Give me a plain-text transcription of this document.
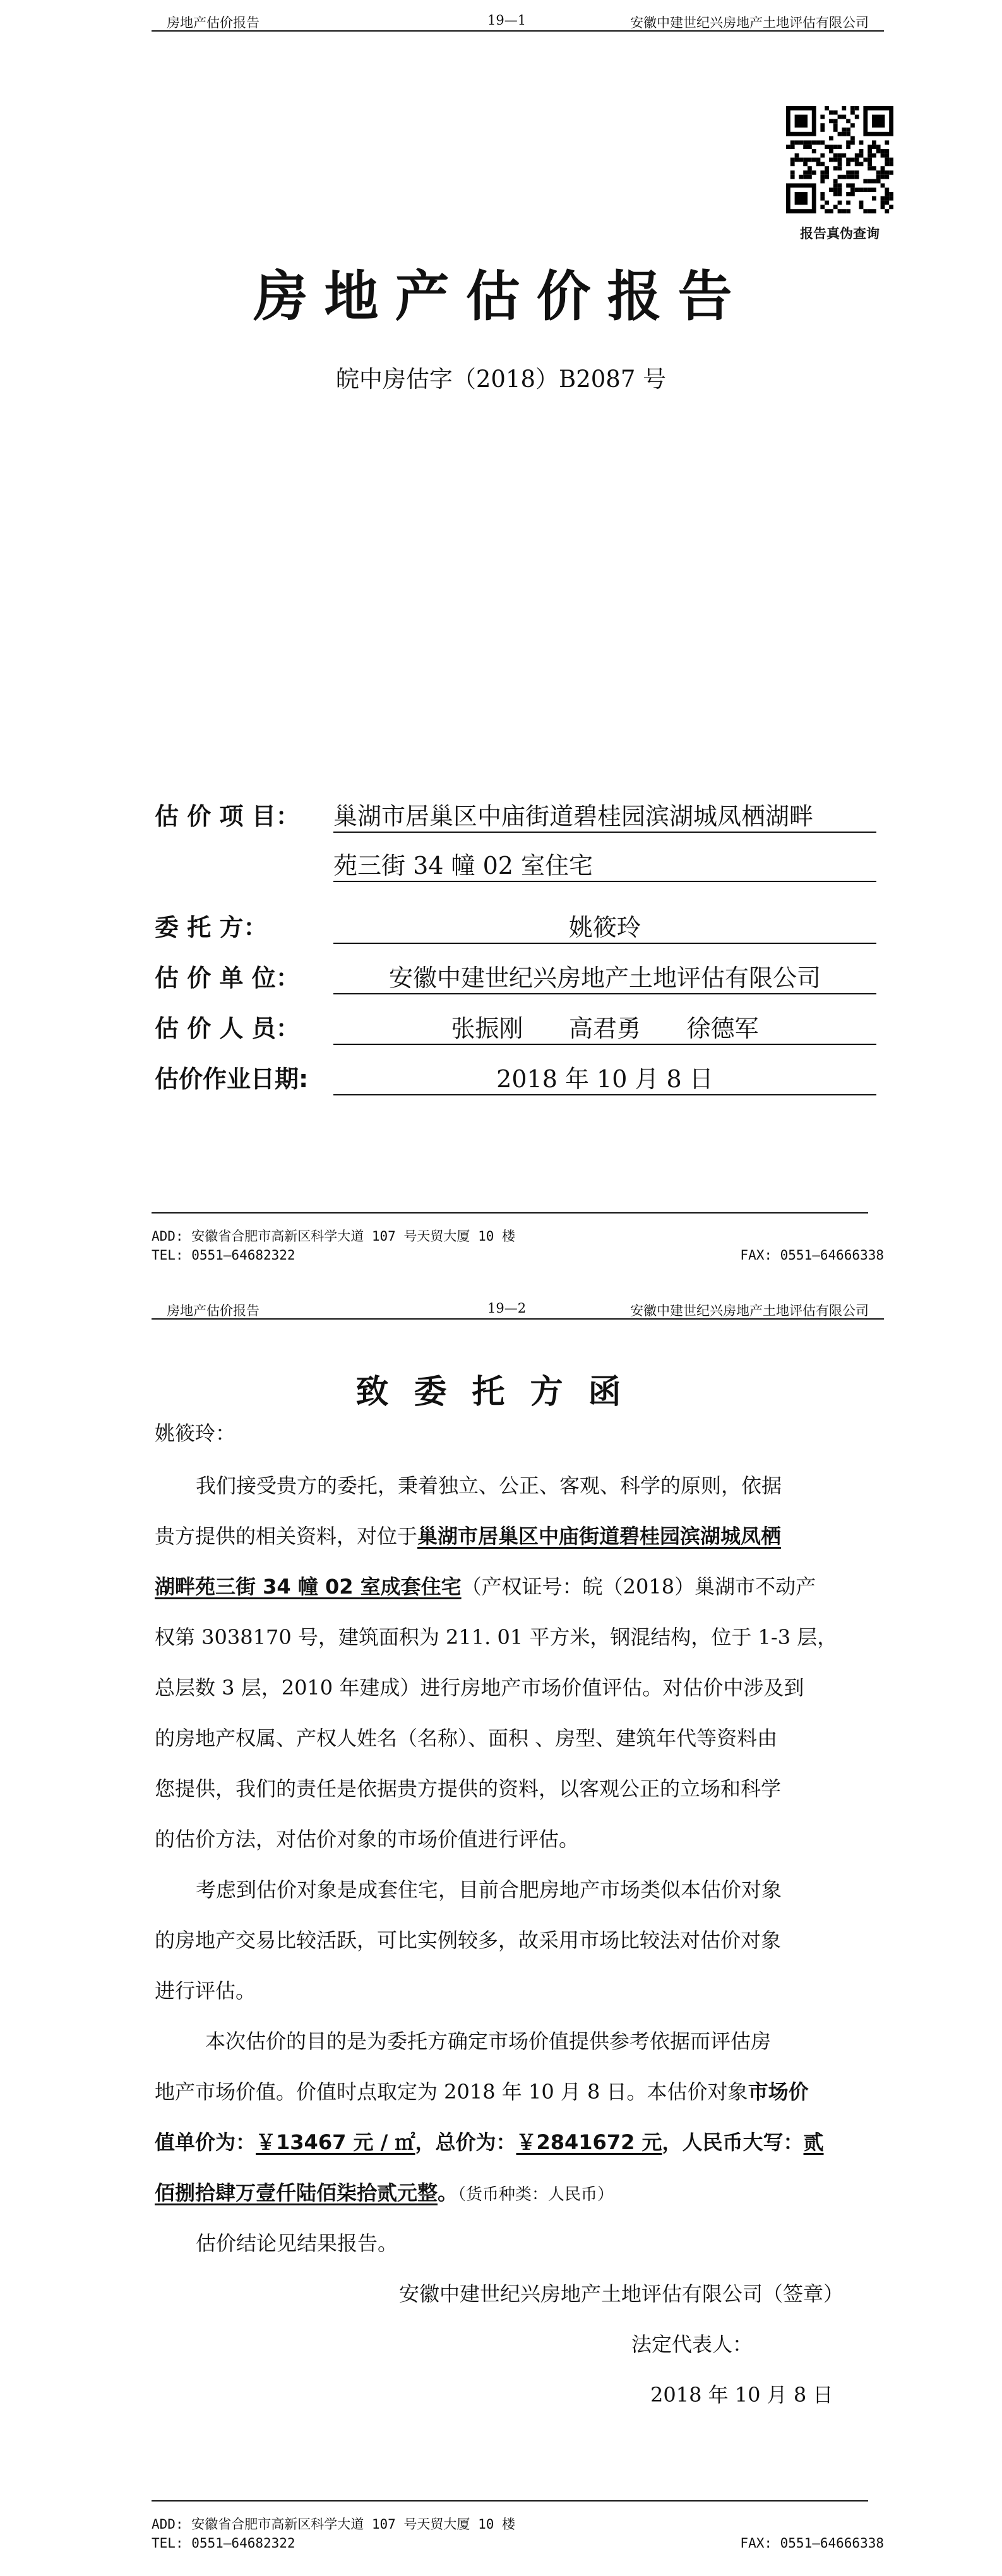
房地产估价报告	19—1	安徽中建世纪兴房地产土地评估有限公司
报告真伪查询
房地产估价报告
皖中房估字（2018）B2087 号
估 价 项 目： 巢湖市居巢区中庙街道碧桂园滨湖城凤栖湖畔
苑三街 34 幢 02 室住宅
委 托 方：	姚筱玲
估 价 单 位：	安徽中建世纪兴房地产土地评估有限公司
估 价 人 员：	张振刚      高君勇      徐德军
估价作业日期:	2018 年 10 月 8 日
ADD: 安徽省合肥市高新区科学大道 107 号天贸大厦 10 楼
TEL: 0551—64682322	FAX: 0551—64666338
房地产估价报告	19—2	安徽中建世纪兴房地产土地评估有限公司
致委托方函
姚筱玲：
我们接受贵方的委托，秉着独立、公正、客观、科学的原则，依据
贵方提供的相关资料，对位于巢湖市居巢区中庙街道碧桂园滨湖城凤栖
湖畔苑三街 34 幢 02 室成套住宅（产权证号：皖（2018）巢湖市不动产
权第 3038170 号，建筑面积为 211. 01 平方米，钢混结构，位于 1-3 层，
总层数 3 层，2010 年建成）进行房地产市场价值评估。对估价中涉及到
的房地产权属、产权人姓名（名称）、面积 、房型、建筑年代等资料由
您提供，我们的责任是依据贵方提供的资料，以客观公正的立场和科学
的估价方法，对估价对象的市场价值进行评估。
考虑到估价对象是成套住宅，目前合肥房地产市场类似本估价对象
的房地产交易比较活跃，可比实例较多，故采用市场比较法对估价对象
进行评估。
本次估价的目的是为委托方确定市场价值提供参考依据而评估房
地产市场价值。价值时点取定为 2018 年 10 月 8 日。本估价对象市场价
值单价为：￥13467 元 / ㎡，总价为：￥2841672 元，人民币大写：贰
佰捌拾肆万壹仟陆佰柒拾贰元整。（货币种类：人民币）
估价结论见结果报告。
安徽中建世纪兴房地产土地评估有限公司（签章）
法定代表人：
2018 年 10 月 8 日
ADD: 安徽省合肥市高新区科学大道 107 号天贸大厦 10 楼
TEL: 0551—64682322	FAX: 0551—64666338
